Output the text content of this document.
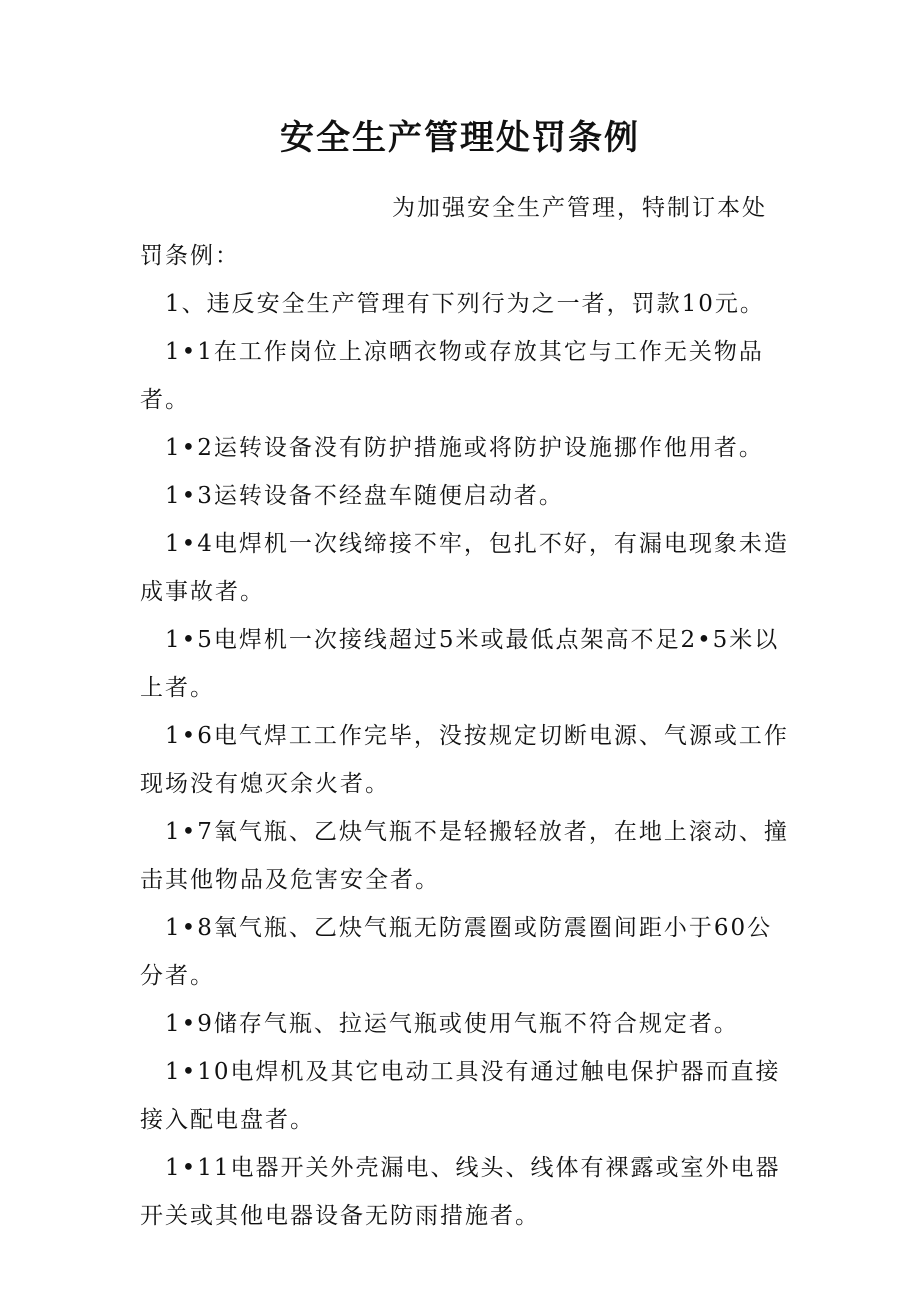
安全生产管理处罚条例

为加强安全生产管理，特制订本处罚条例：

1、违反安全生产管理有下列行为之一者，罚款10元。

1•1在工作岗位上凉晒衣物或存放其它与工作无关物品者。

1•2运转设备没有防护措施或将防护设施挪作他用者。

1•3运转设备不经盘车随便启动者。

1•4电焊机一次线缔接不牢，包扎不好，有漏电现象未造成事故者。

1•5电焊机一次接线超过5米或最低点架高不足2•5米以上者。

1•6电气焊工工作完毕，没按规定切断电源、气源或工作现场没有熄灭余火者。

1•7氧气瓶、乙炔气瓶不是轻搬轻放者，在地上滚动、撞击其他物品及危害安全者。

1•8氧气瓶、乙炔气瓶无防震圈或防震圈间距小于60公分者。

1•9储存气瓶、拉运气瓶或使用气瓶不符合规定者。

1•10电焊机及其它电动工具没有通过触电保护器而直接接入配电盘者。

1•11电器开关外壳漏电、线头、线体有裸露或室外电器开关或其他电器设备无防雨措施者。
